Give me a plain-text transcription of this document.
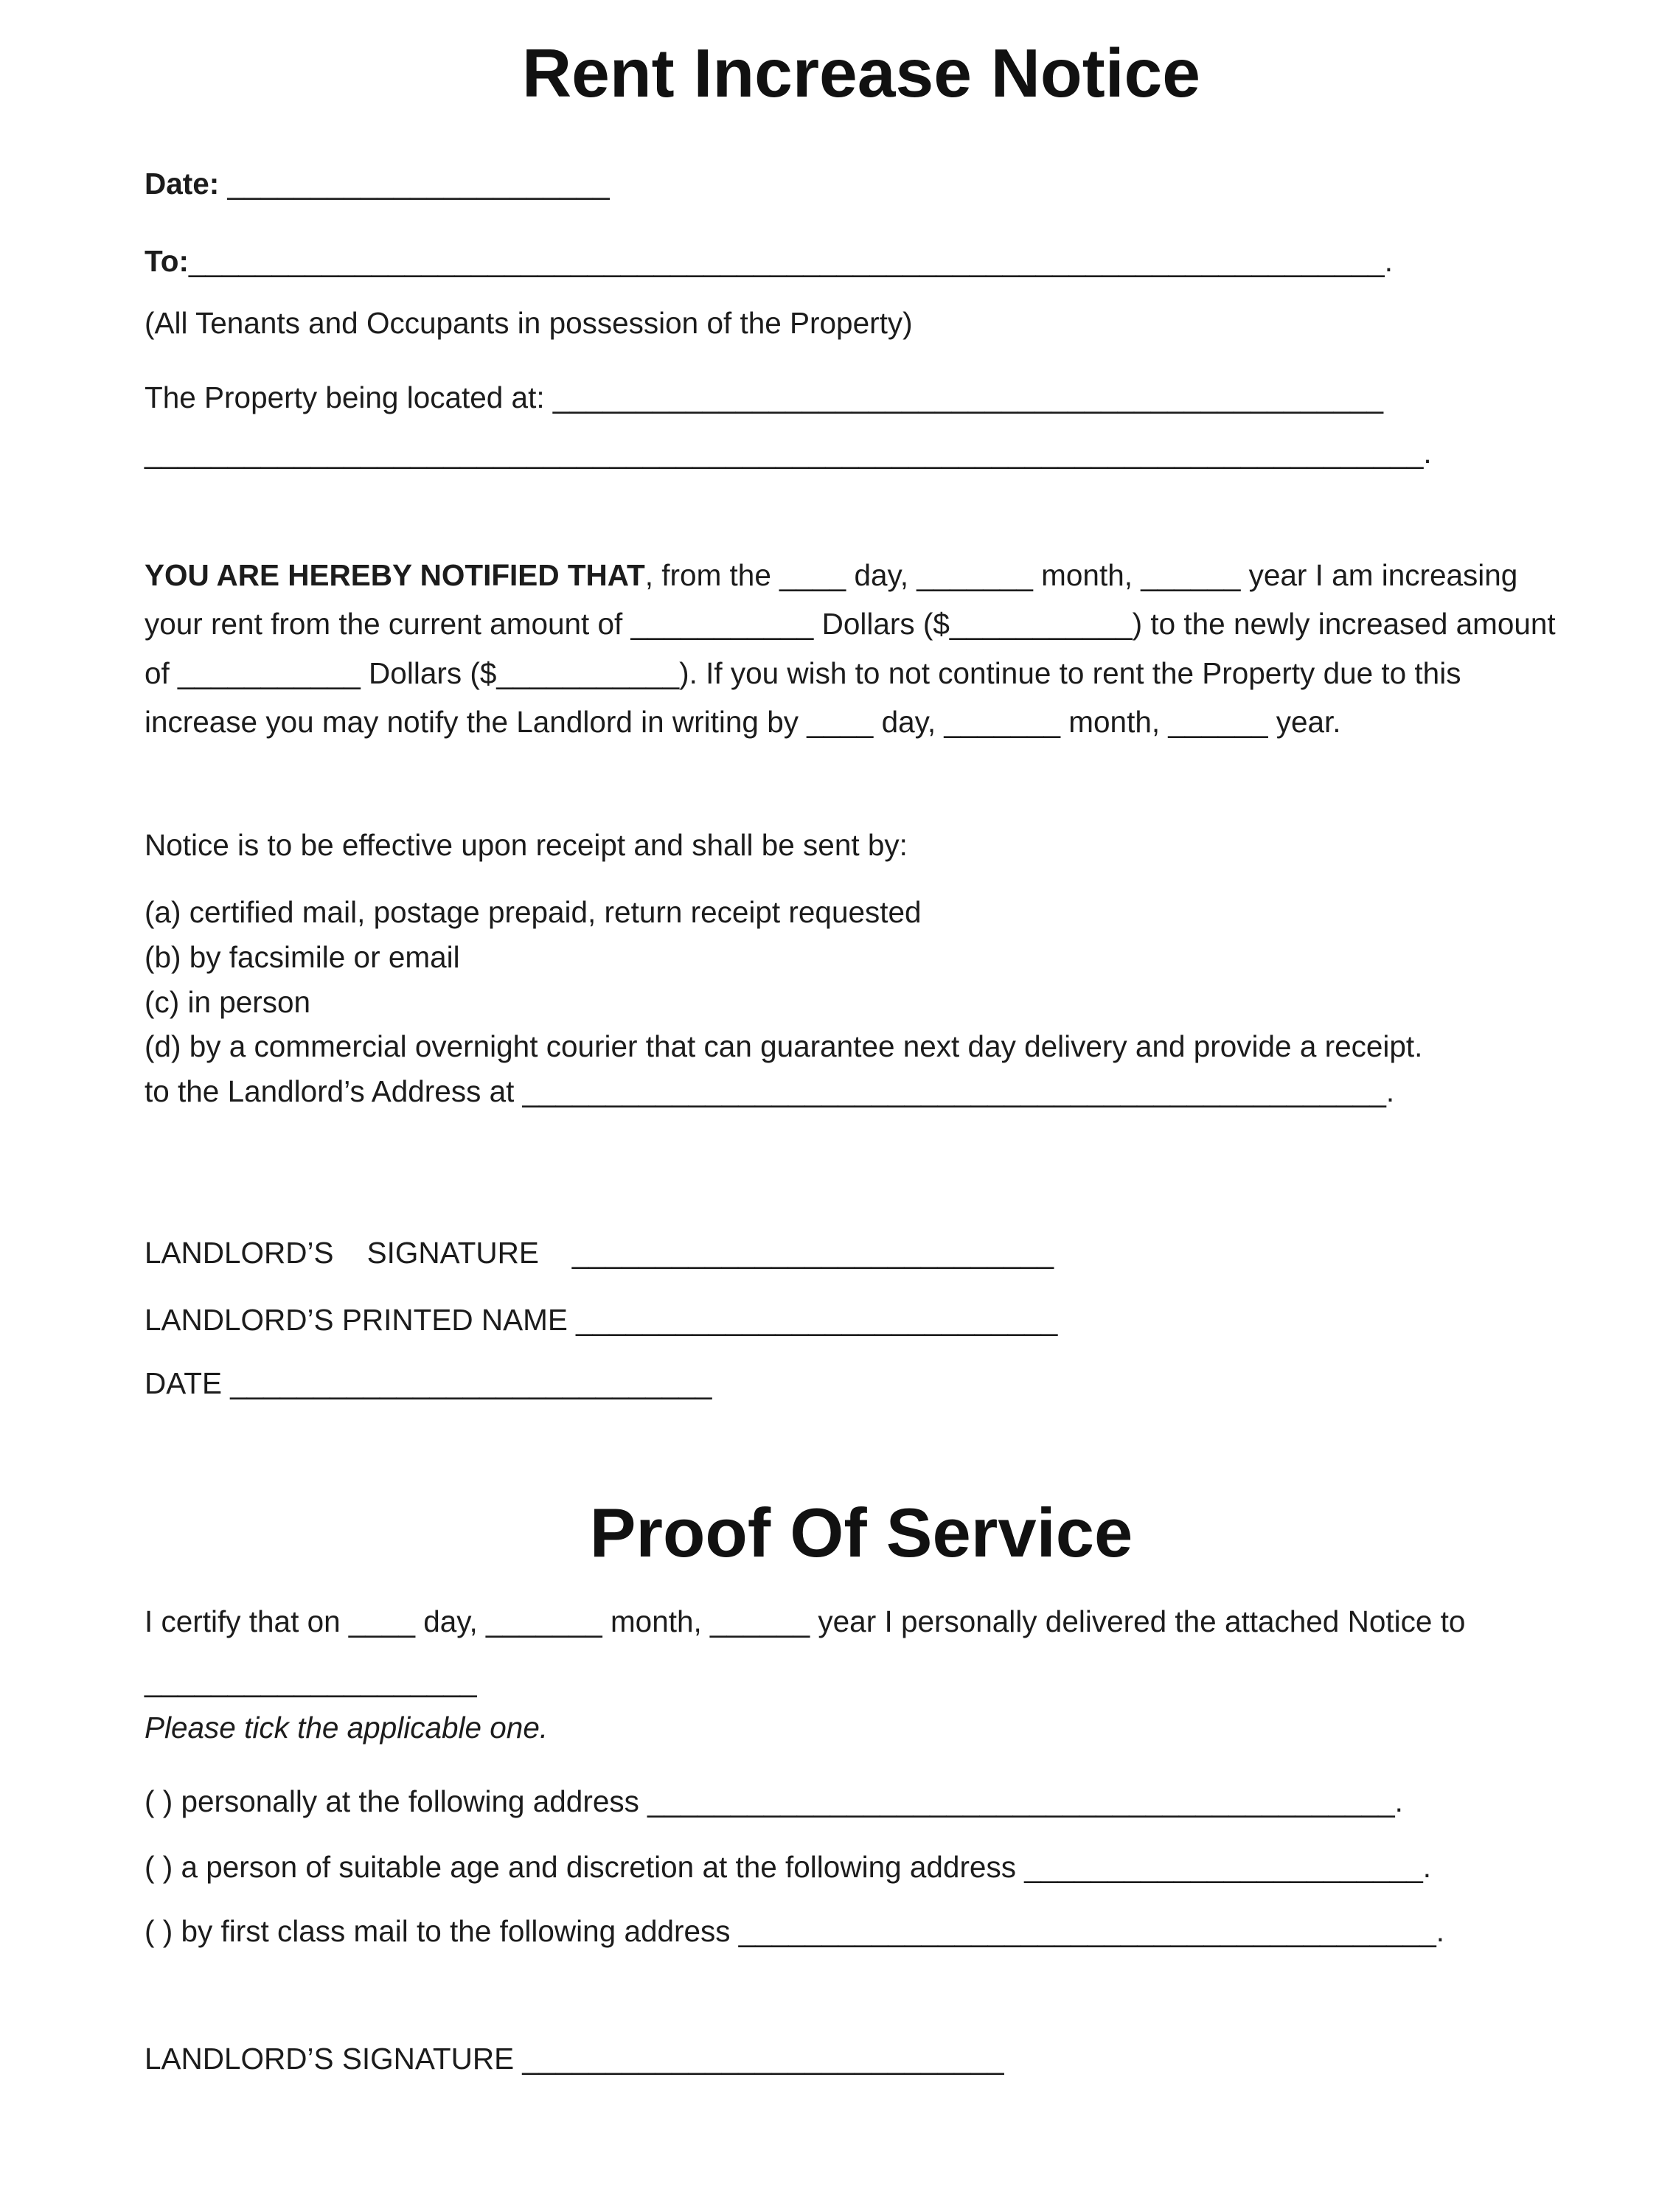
Rent Increase Notice

Date: _______________________

To:________________________________________________________________________.

(All Tenants and Occupants in possession of the Property)

The Property being located at: __________________________________________________

_____________________________________________________________________________.

YOU ARE HEREBY NOTIFIED THAT, from the ____ day, _______ month, ______ year I am increasing your rent from the current amount of ___________ Dollars ($___________) to the newly increased amount of ___________ Dollars ($___________). If you wish to not continue to rent the Property due to this increase you may notify the Landlord in writing by ____ day, _______ month, ______ year.

Notice is to be effective upon receipt and shall be sent by:

(a) certified mail, postage prepaid, return receipt requested

(b) by facsimile or email

(c) in person

(d) by a commercial overnight courier that can guarantee next day delivery and provide a receipt.

to the Landlord’s Address at ____________________________________________________.

LANDLORD’S    SIGNATURE    _____________________________

LANDLORD’S PRINTED NAME _____________________________

DATE _____________________________

Proof Of Service

I certify that on ____ day, _______ month, ______ year I personally delivered the attached Notice to

____________________

Please tick the applicable one.

( ) personally at the following address _____________________________________________.

( ) a person of suitable age and discretion at the following address ________________________.

( ) by first class mail to the following address __________________________________________.

LANDLORD’S SIGNATURE _____________________________
